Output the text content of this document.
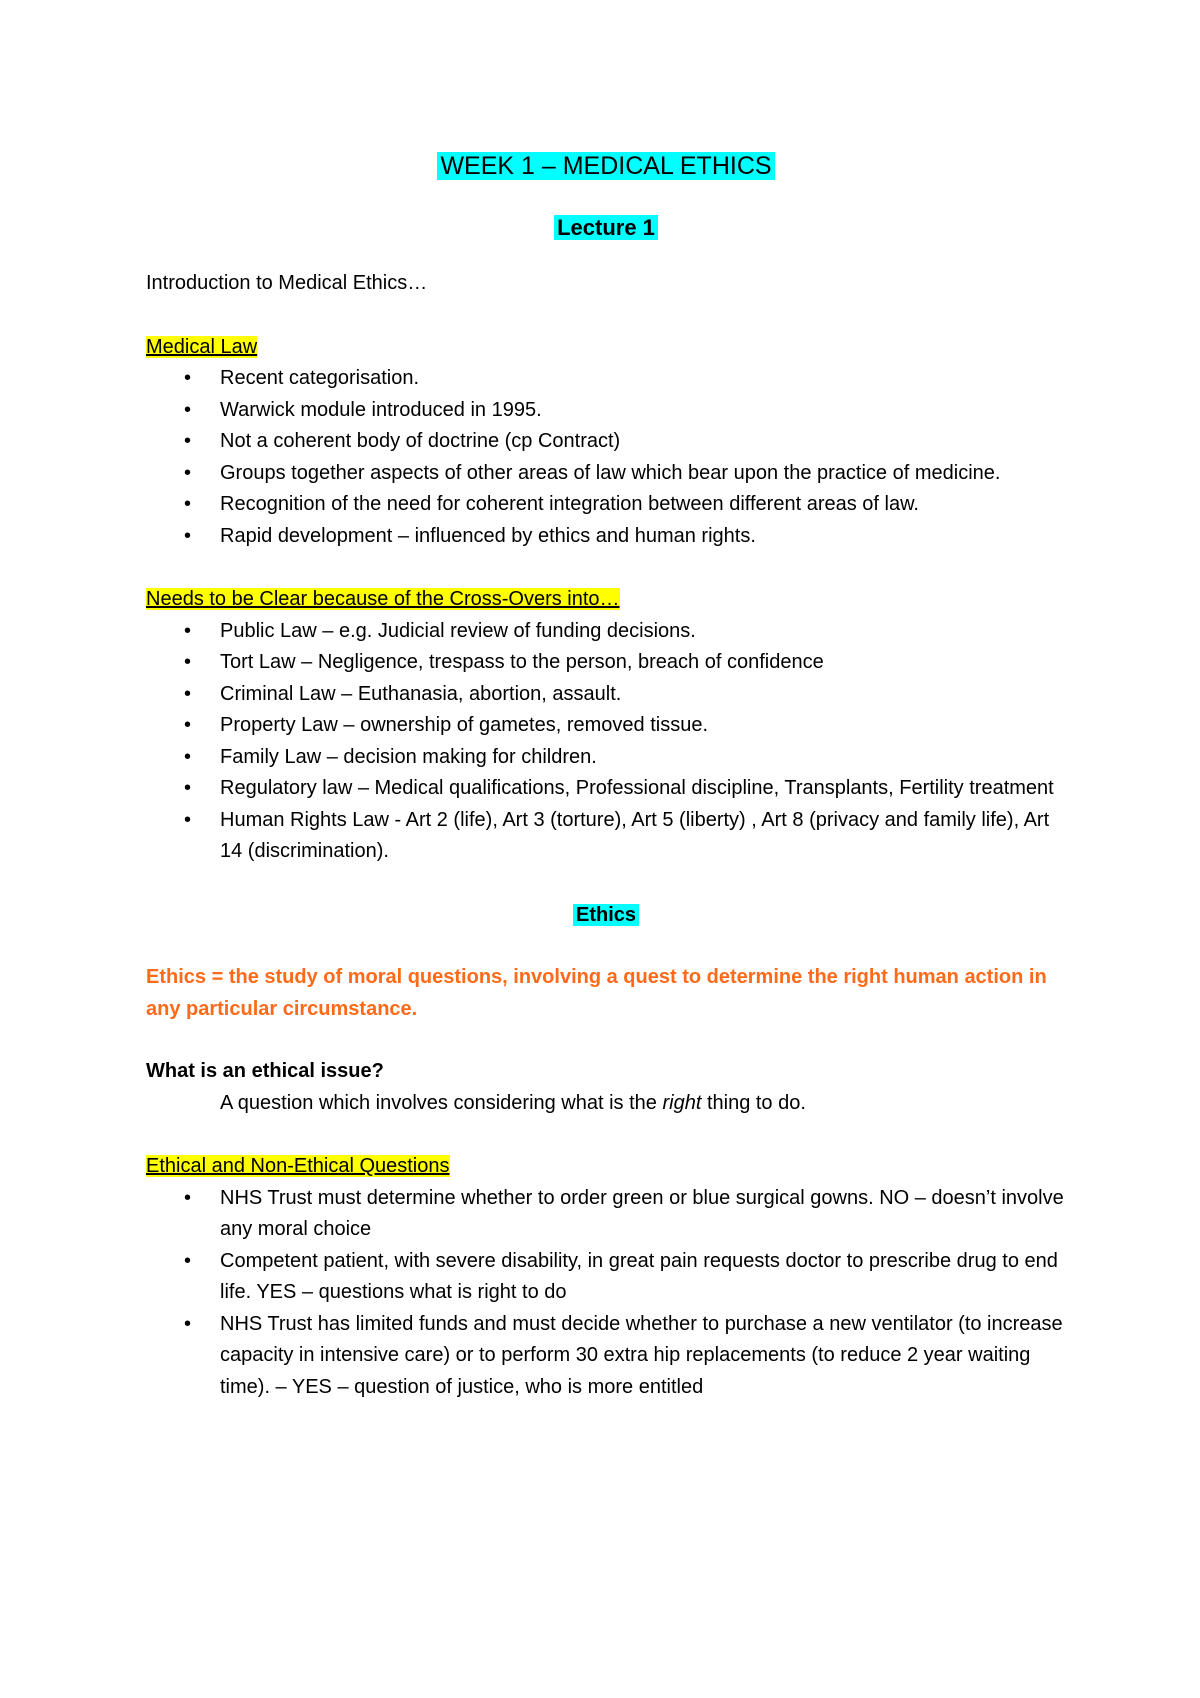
WEEK 1 – MEDICAL ETHICS
Lecture 1
Introduction to Medical Ethics…
Medical Law
• Recent categorisation.
• Warwick module introduced in 1995.
• Not a coherent body of doctrine (cp Contract)
• Groups together aspects of other areas of law which bear upon the practice of medicine.
• Recognition of the need for coherent integration between different areas of law.
• Rapid development – influenced by ethics and human rights.
Needs to be Clear because of the Cross-Overs into…
• Public Law – e.g. Judicial review of funding decisions.
• Tort Law – Negligence, trespass to the person, breach of confidence
• Criminal Law – Euthanasia, abortion, assault.
• Property Law – ownership of gametes, removed tissue.
• Family Law – decision making for children.
• Regulatory law – Medical qualifications, Professional discipline, Transplants, Fertility treatment
• Human Rights Law - Art 2 (life), Art 3 (torture), Art 5 (liberty) , Art 8 (privacy and family life), Art 14 (discrimination).
Ethics
Ethics = the study of moral questions, involving a quest to determine the right human action in any particular circumstance.
What is an ethical issue?
A question which involves considering what is the right thing to do.
Ethical and Non-Ethical Questions
• NHS Trust must determine whether to order green or blue surgical gowns. NO – doesn’t involve any moral choice
• Competent patient, with severe disability, in great pain requests doctor to prescribe drug to end life. YES – questions what is right to do
• NHS Trust has limited funds and must decide whether to purchase a new ventilator (to increase capacity in intensive care) or to perform 30 extra hip replacements (to reduce 2 year waiting time). – YES – question of justice, who is more entitled
